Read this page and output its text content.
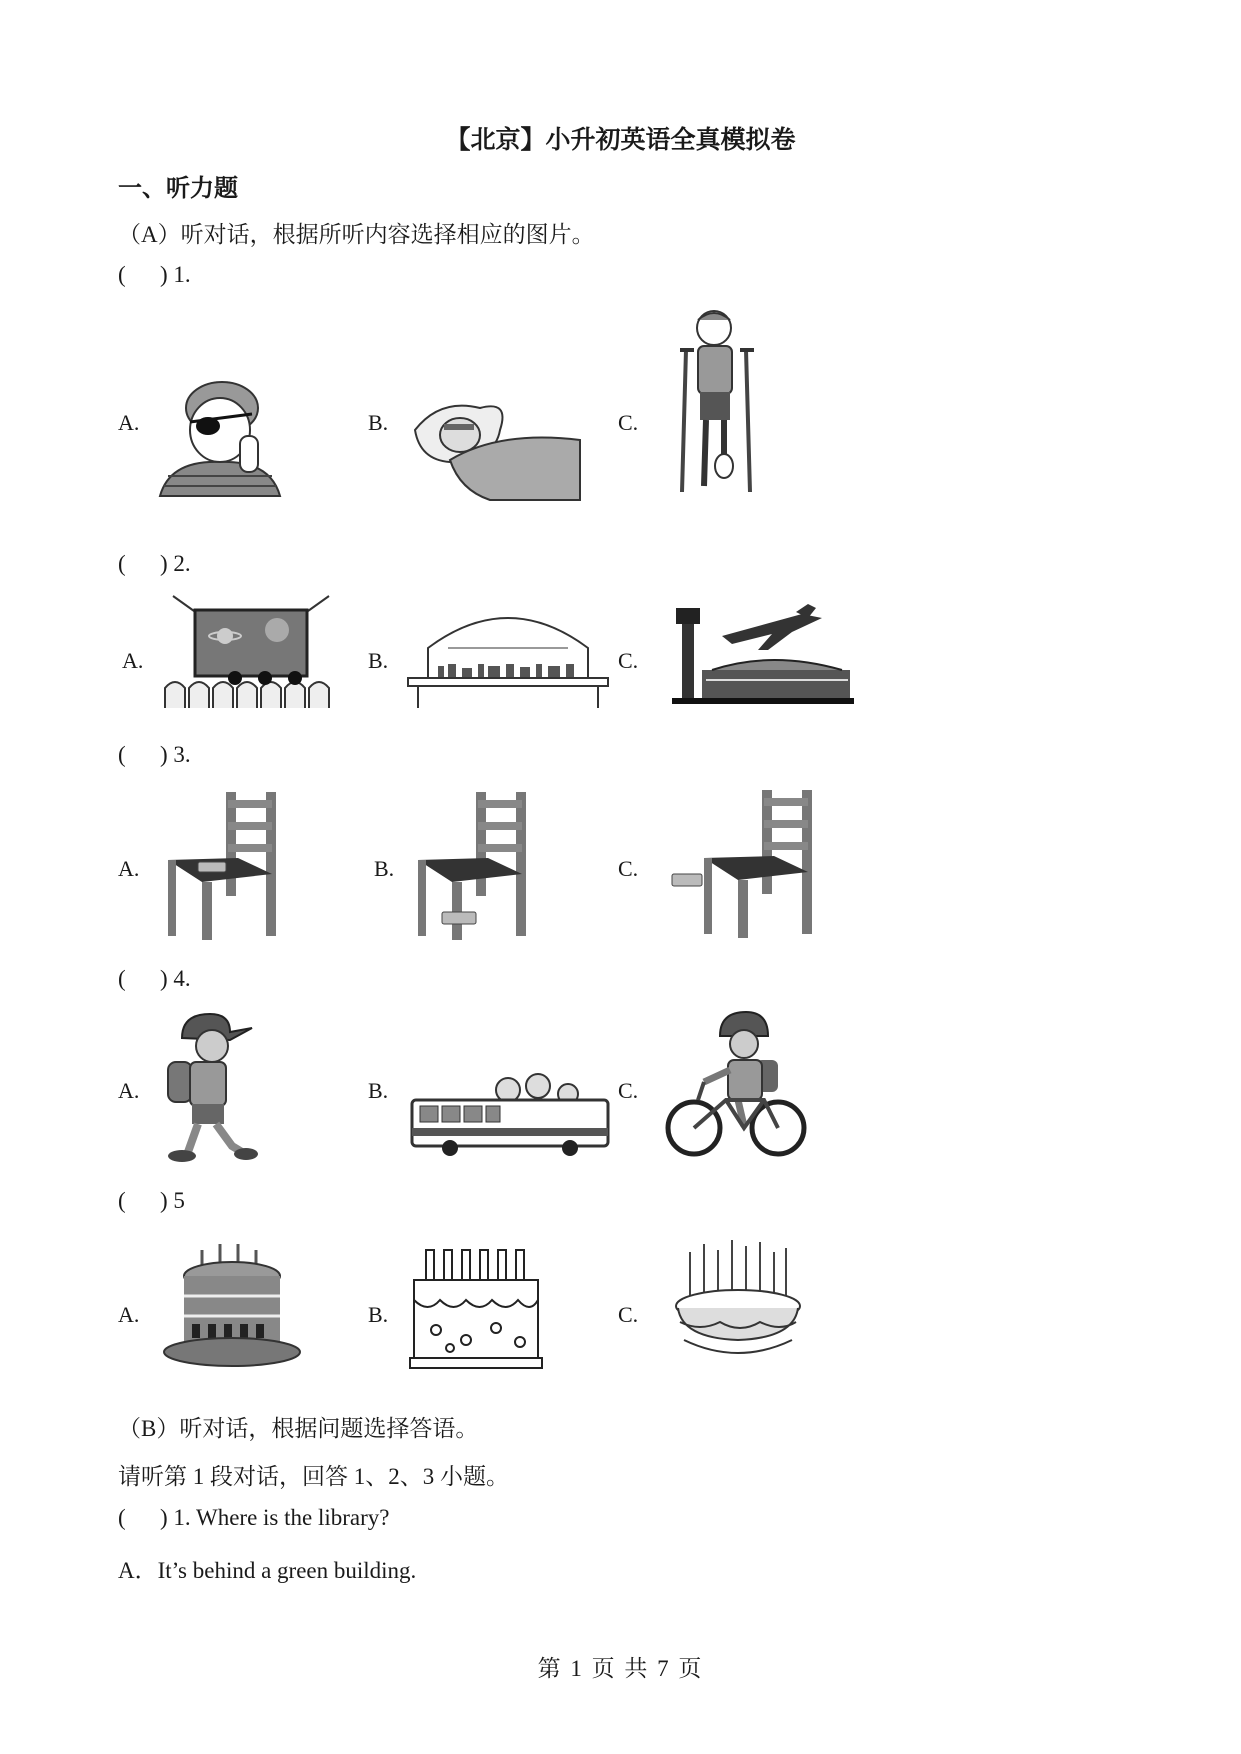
【北京】小升初英语全真模拟卷
一、听力题
（A）听对话，根据所听内容选择相应的图片。
( ) 1.
A.	B.	C.
( ) 2.
A.	B.	C.
( ) 3.
A.	B.	C.
( ) 4.
A.	B.	C.
( ) 5
A.	B.	C.
（B）听对话，根据问题选择答语。
请听第 1 段对话，回答 1、2、3 小题。
( ) 1. Where is the library?
A．It’s behind a green building.
第 1 页 共 7 页
